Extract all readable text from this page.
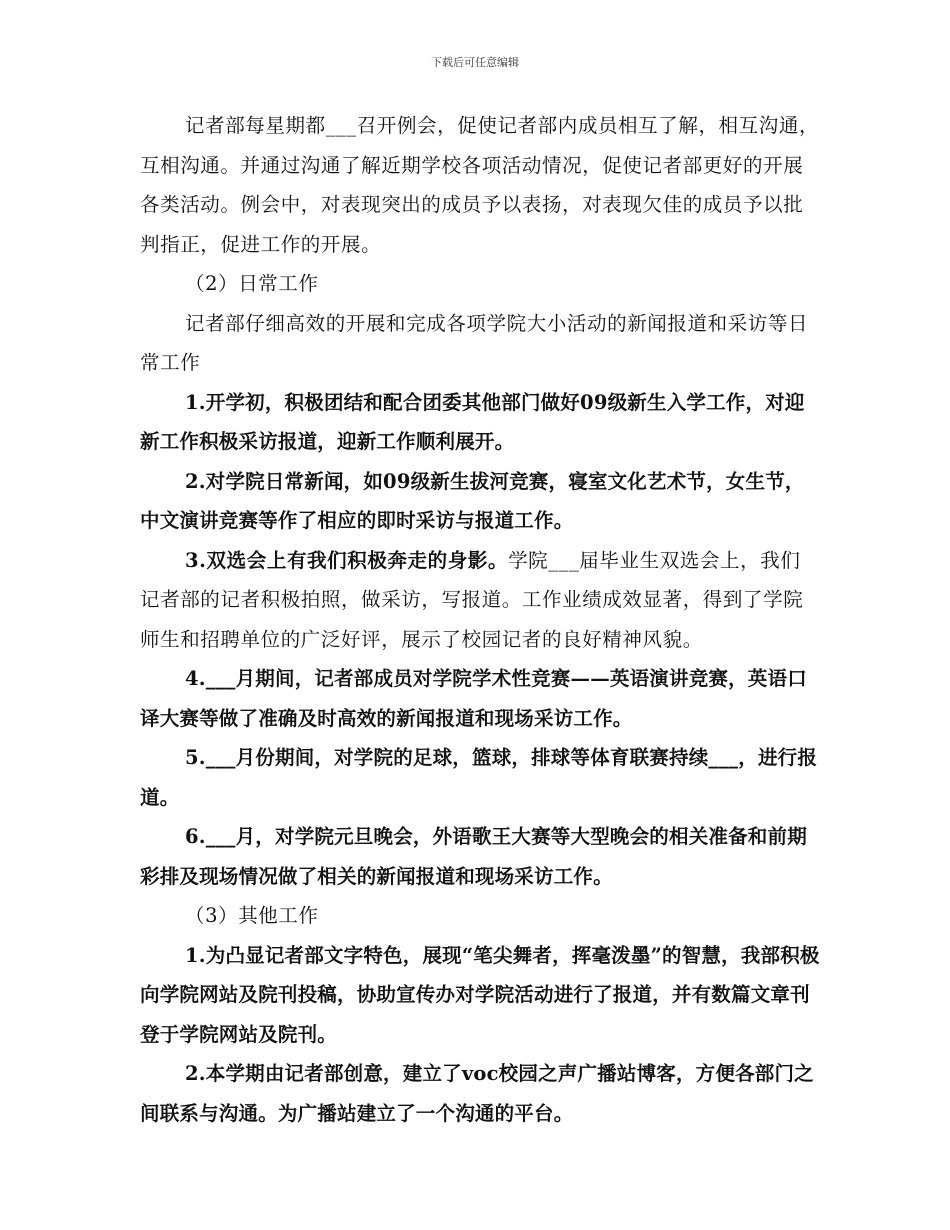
下载后可任意编辑

记者部每星期都___召开例会，促使记者部内成员相互了解，相互沟通，互相沟通。并通过沟通了解近期学校各项活动情况，促使记者部更好的开展各类活动。例会中，对表现突出的成员予以表扬，对表现欠佳的成员予以批判指正，促进工作的开展。

（2）日常工作

记者部仔细高效的开展和完成各项学院大小活动的新闻报道和采访等日常工作

1.开学初，积极团结和配合团委其他部门做好09级新生入学工作，对迎新工作积极采访报道，迎新工作顺利展开。

2.对学院日常新闻，如09级新生拔河竞赛，寝室文化艺术节，女生节，中文演讲竞赛等作了相应的即时采访与报道工作。

3.双选会上有我们积极奔走的身影。学院___届毕业生双选会上，我们记者部的记者积极拍照，做采访，写报道。工作业绩成效显著，得到了学院师生和招聘单位的广泛好评，展示了校园记者的良好精神风貌。

4.___月期间，记者部成员对学院学术性竞赛——英语演讲竞赛，英语口译大赛等做了准确及时高效的新闻报道和现场采访工作。

5.___月份期间，对学院的足球，篮球，排球等体育联赛持续___，进行报道。

6.___月，对学院元旦晚会，外语歌王大赛等大型晚会的相关准备和前期彩排及现场情况做了相关的新闻报道和现场采访工作。

（3）其他工作

1.为凸显记者部文字特色，展现“笔尖舞者，挥毫泼墨”的智慧，我部积极向学院网站及院刊投稿，协助宣传办对学院活动进行了报道，并有数篇文章刊登于学院网站及院刊。

2.本学期由记者部创意，建立了voc校园之声广播站博客，方便各部门之间联系与沟通。为广播站建立了一个沟通的平台。
